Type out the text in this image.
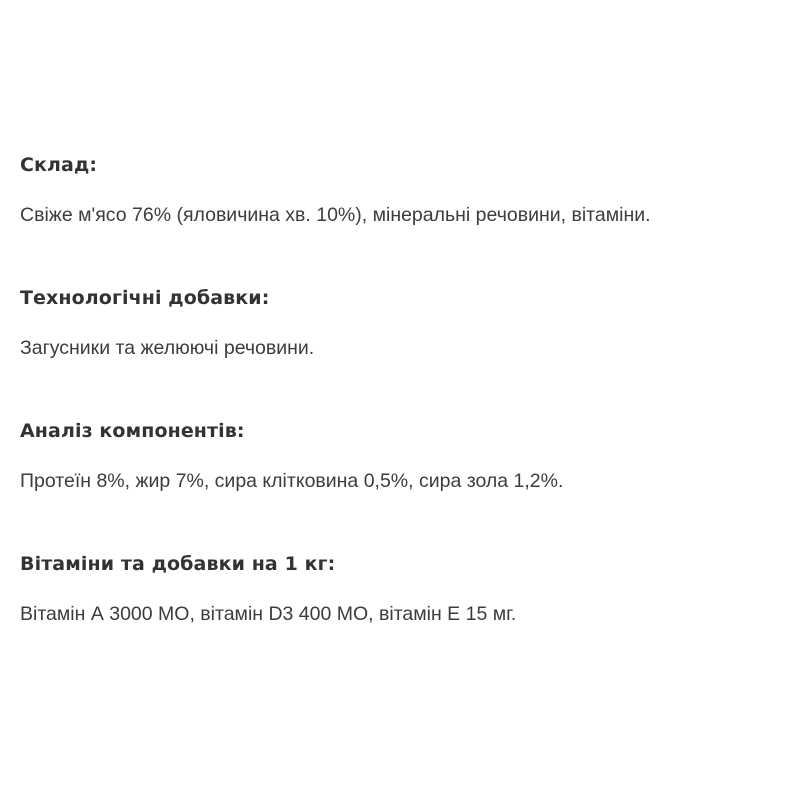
Склад:

Свіже м'ясо 76% (яловичина хв. 10%), мінеральні речовини, вітаміни.

Технологічні добавки:

Загусники та желюючі речовини.

Аналіз компонентів:

Протеїн 8%, жир 7%, сира клітковина 0,5%, сира зола 1,2%.

Вітаміни та добавки на 1 кг:

Вітамін А 3000 МО, вітамін D3 400 МО, вітамін Е 15 мг.
